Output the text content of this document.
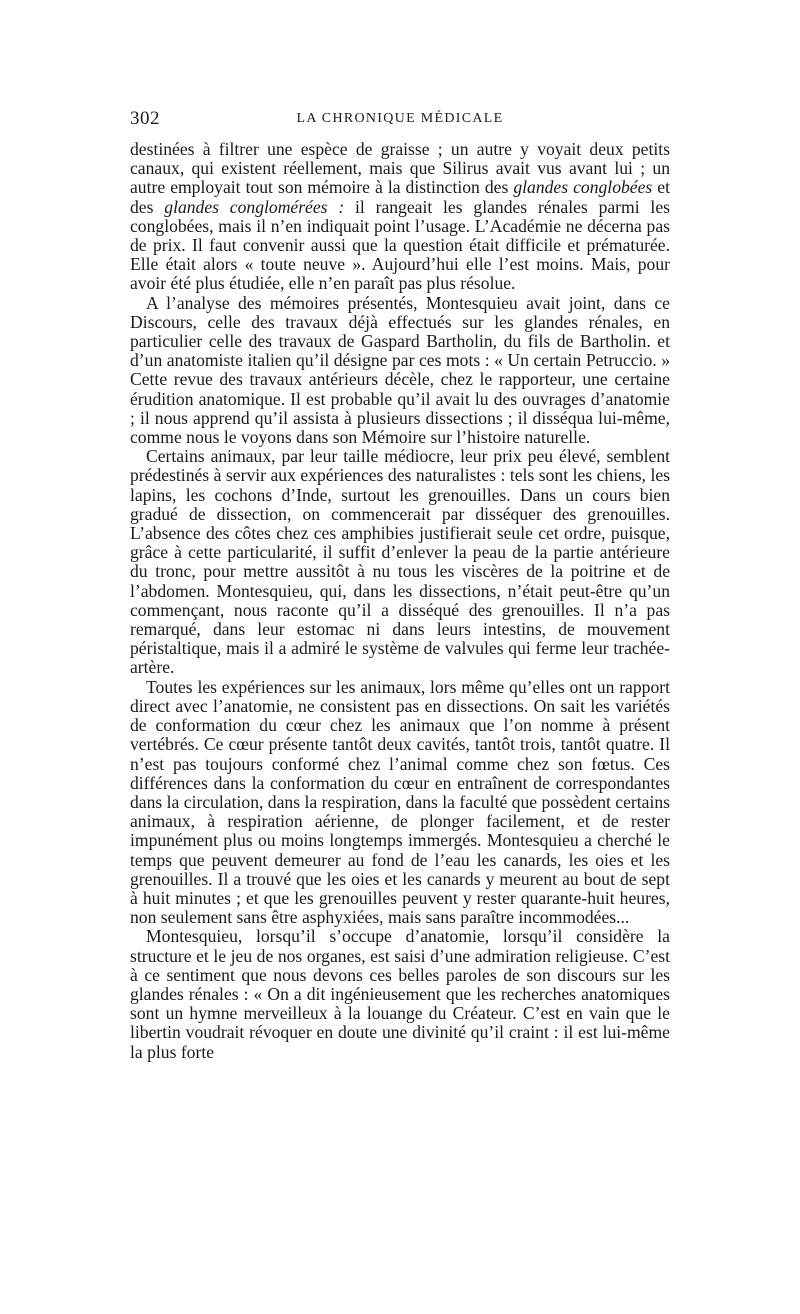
302	LA CHRONIQUE MÉDICALE

destinées à filtrer une espèce de graisse ; un autre y voyait deux petits canaux, qui existent réellement, mais que Silirus avait vus avant lui ; un autre employait tout son mémoire à la distinction des glandes conglobées et des glandes conglomérées : il rangeait les glandes rénales parmi les conglobées, mais il n’en indiquait point l’usage. L’Académie ne décerna pas de prix. Il faut convenir aussi que la question était difficile et prématurée. Elle était alors « toute neuve ». Aujourd’hui elle l’est moins. Mais, pour avoir été plus étudiée, elle n’en paraît pas plus résolue.

A l’analyse des mémoires présentés, Montesquieu avait joint, dans ce Discours, celle des travaux déjà effectués sur les glandes rénales, en particulier celle des travaux de Gaspard Bartholin, du fils de Bartholin. et d’un anatomiste italien qu’il désigne par ces mots : « Un certain Petruccio. » Cette revue des travaux antérieurs décèle, chez le rapporteur, une certaine érudition anatomique. Il est probable qu’il avait lu des ouvrages d’anatomie ; il nous apprend qu’il assista à plusieurs dissections ; il disséqua lui-même, comme nous le voyons dans son Mémoire sur l’histoire naturelle.

Certains animaux, par leur taille médiocre, leur prix peu élevé, semblent prédestinés à servir aux expériences des naturalistes : tels sont les chiens, les lapins, les cochons d’Inde, surtout les grenouilles. Dans un cours bien gradué de dissection, on commencerait par disséquer des grenouilles. L’absence des côtes chez ces amphibies justifierait seule cet ordre, puisque, grâce à cette particularité, il suffit d’enlever la peau de la partie antérieure du tronc, pour mettre aussitôt à nu tous les viscères de la poitrine et de l’abdomen. Montesquieu, qui, dans les dissections, n’était peut-être qu’un commençant, nous raconte qu’il a disséqué des grenouilles. Il n’a pas remarqué, dans leur estomac ni dans leurs intestins, de mouvement péristaltique, mais il a admiré le système de valvules qui ferme leur trachée-artère.

Toutes les expériences sur les animaux, lors même qu’elles ont un rapport direct avec l’anatomie, ne consistent pas en dissections. On sait les variétés de conformation du cœur chez les animaux que l’on nomme à présent vertébrés. Ce cœur présente tantôt deux cavités, tantôt trois, tantôt quatre. Il n’est pas toujours conformé chez l’animal comme chez son fœtus. Ces différences dans la conformation du cœur en entraînent de correspondantes dans la circulation, dans la respiration, dans la faculté que possèdent certains animaux, à respiration aérienne, de plonger facilement, et de rester impunément plus ou moins longtemps immergés. Montesquieu a cherché le temps que peuvent demeurer au fond de l’eau les canards, les oies et les grenouilles. Il a trouvé que les oies et les canards y meurent au bout de sept à huit minutes ; et que les grenouilles peuvent y rester quarante-huit heures, non seulement sans être asphyxiées, mais sans paraître incommodées...

Montesquieu, lorsqu’il s’occupe d’anatomie, lorsqu’il considère la structure et le jeu de nos organes, est saisi d’une admiration religieuse. C’est à ce sentiment que nous devons ces belles paroles de son discours sur les glandes rénales : « On a dit ingénieusement que les recherches anatomiques sont un hymne merveilleux à la louange du Créateur. C’est en vain que le libertin voudrait révoquer en doute une divinité qu’il craint : il est lui-même la plus forte
